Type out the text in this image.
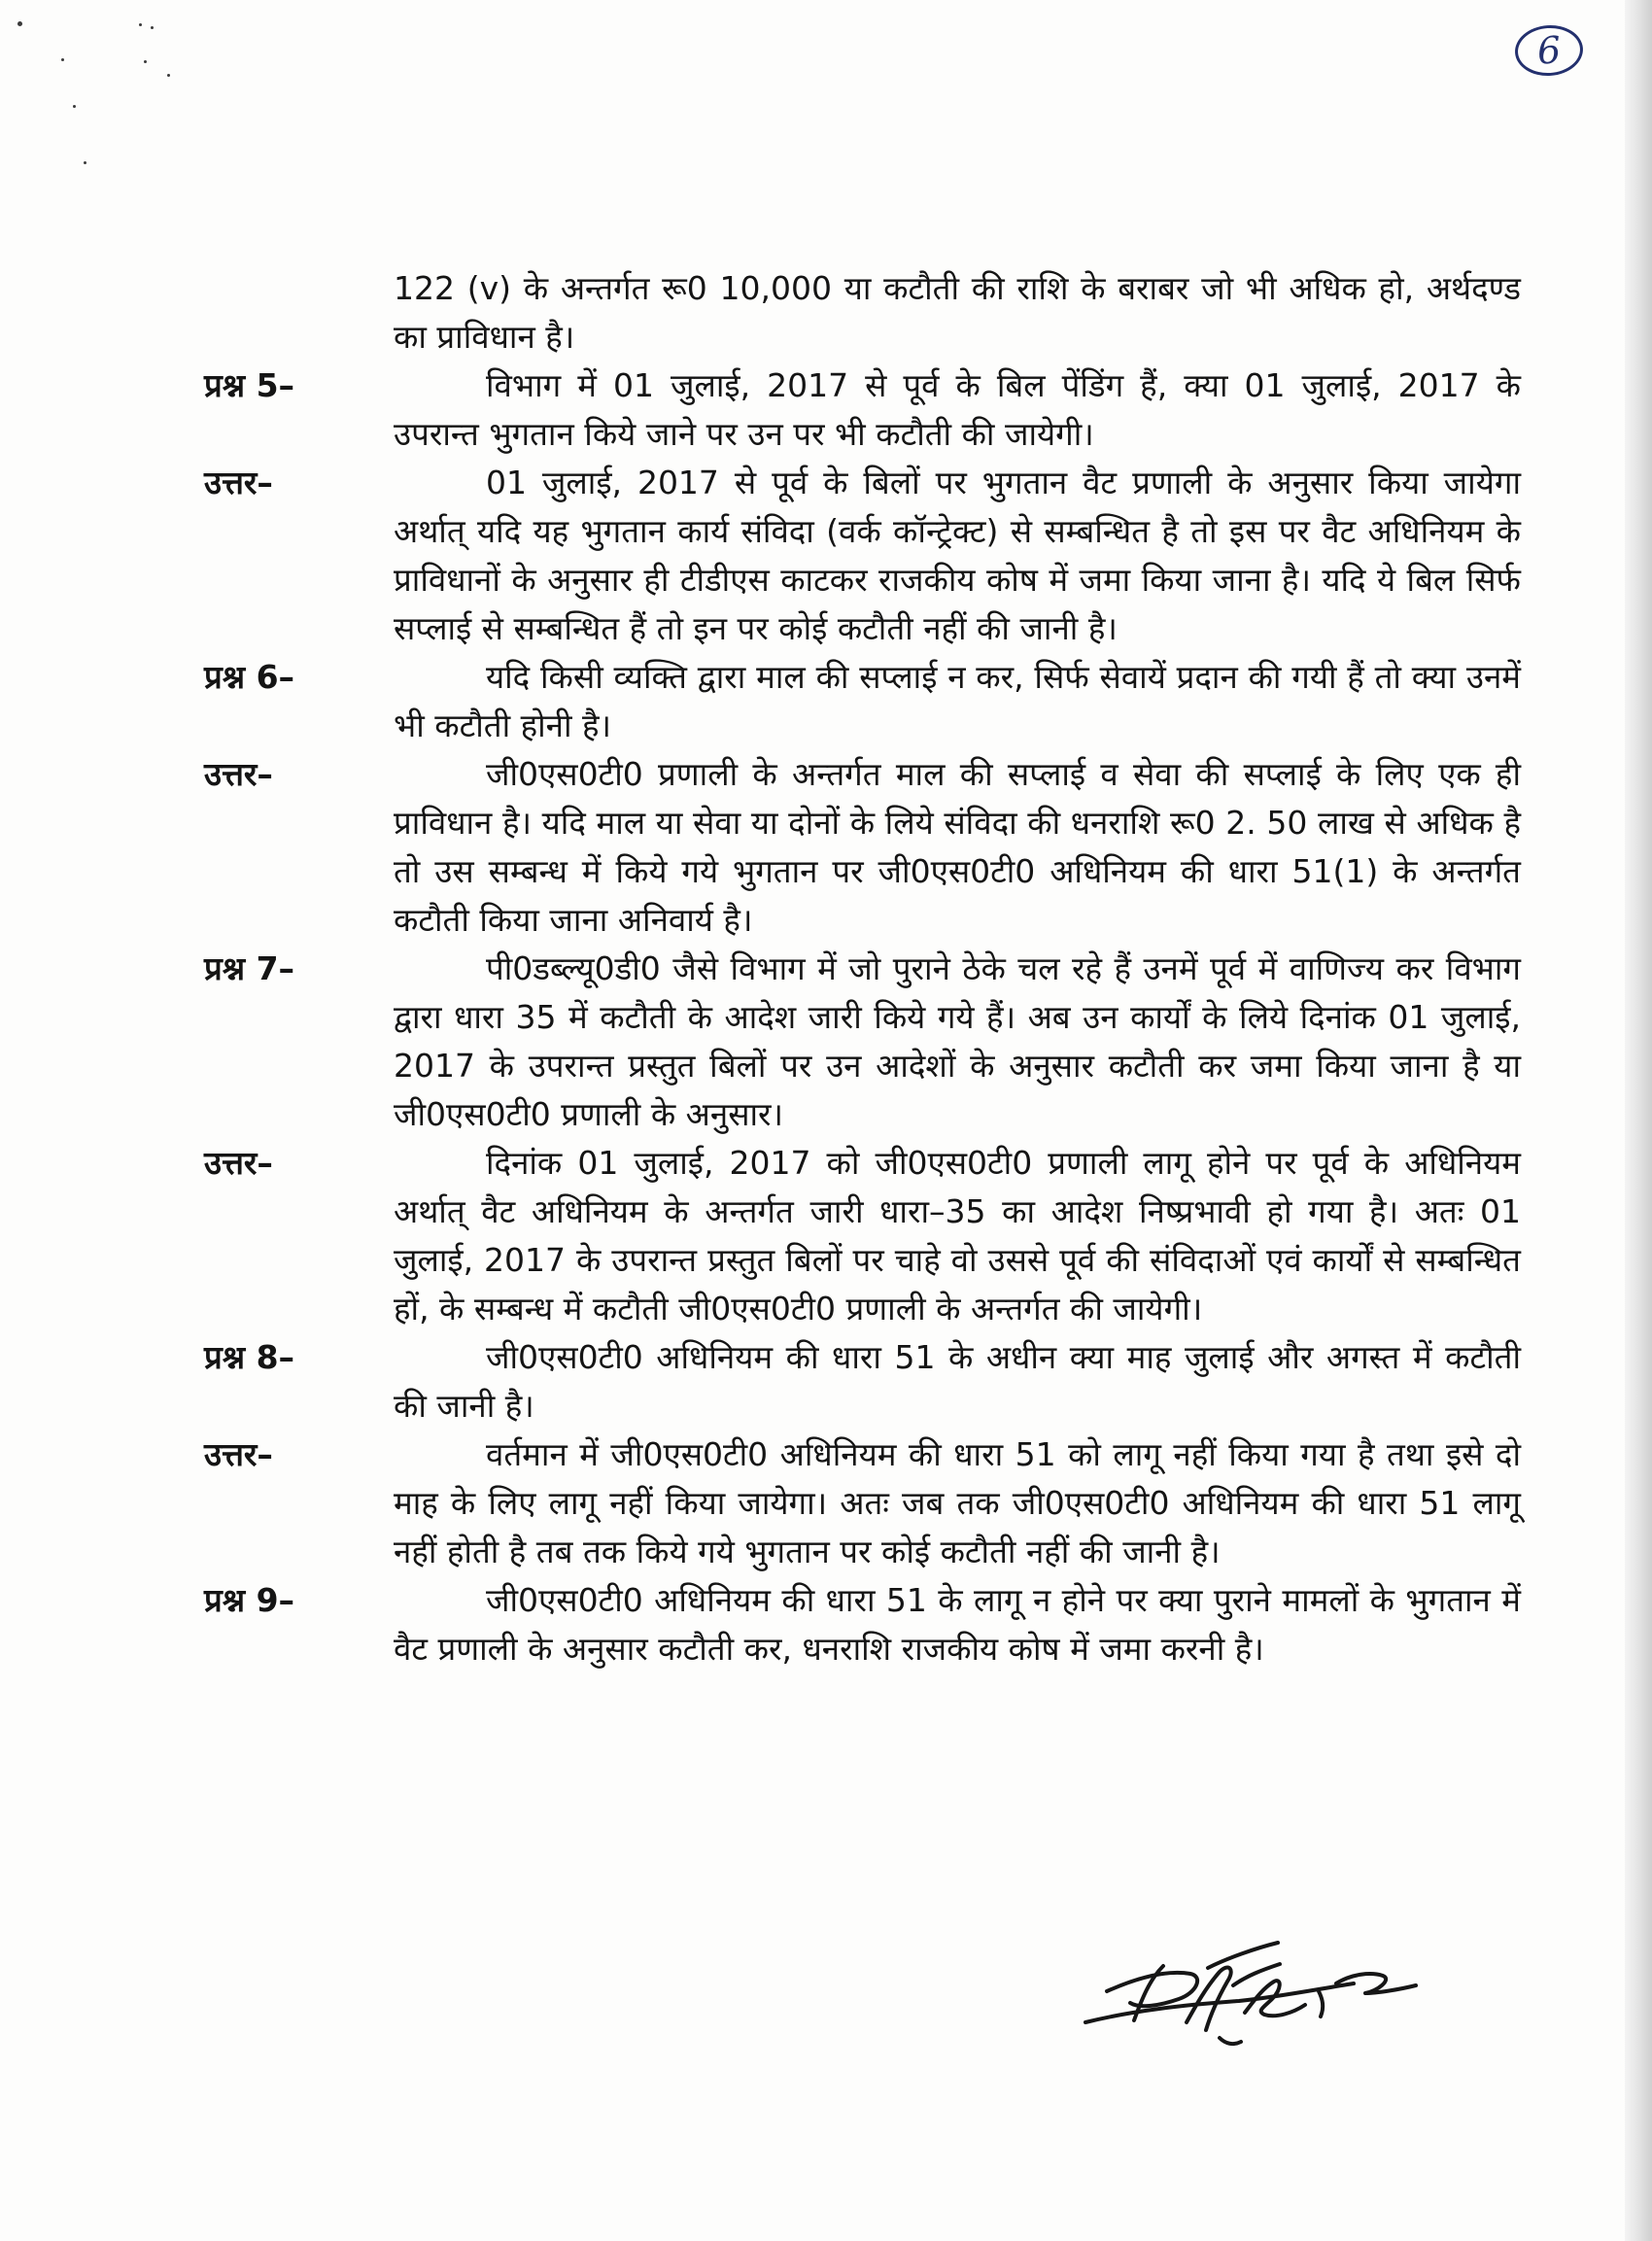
6
122 (v) के अन्तर्गत रू0 10,000 या कटौती की राशि के बराबर जो भी अधिक हो, अर्थदण्ड का प्राविधान है।
प्रश्न 5–	विभाग में 01 जुलाई, 2017 से पूर्व के बिल पेंडिंग हैं, क्या 01 जुलाई, 2017 के उपरान्त भुगतान किये जाने पर उन पर भी कटौती की जायेगी।
उत्तर–	01 जुलाई, 2017 से पूर्व के बिलों पर भुगतान वैट प्रणाली के अनुसार किया जायेगा अर्थात् यदि यह भुगतान कार्य संविदा (वर्क कॉन्ट्रेक्ट) से सम्बन्धित है तो इस पर वैट अधिनियम के प्राविधानों के अनुसार ही टीडीएस काटकर राजकीय कोष में जमा किया जाना है। यदि ये बिल सिर्फ सप्लाई से सम्बन्धित हैं तो इन पर कोई कटौती नहीं की जानी है।
प्रश्न 6–	यदि किसी व्यक्ति द्वारा माल की सप्लाई न कर, सिर्फ सेवायें प्रदान की गयी हैं तो क्या उनमें भी कटौती होनी है।
उत्तर–	जी0एस0टी0 प्रणाली के अन्तर्गत माल की सप्लाई व सेवा की सप्लाई के लिए एक ही प्राविधान है। यदि माल या सेवा या दोनों के लिये संविदा की धनराशि रू0 2. 50 लाख से अधिक है तो उस सम्बन्ध में किये गये भुगतान पर जी0एस0टी0 अधिनियम की धारा 51(1) के अन्तर्गत कटौती किया जाना अनिवार्य है।
प्रश्न 7–	पी0डब्ल्यू0डी0 जैसे विभाग में जो पुराने ठेके चल रहे हैं उनमें पूर्व में वाणिज्य कर विभाग द्वारा धारा 35 में कटौती के आदेश जारी किये गये हैं। अब उन कार्यों के लिये दिनांक 01 जुलाई, 2017 के उपरान्त प्रस्तुत बिलों पर उन आदेशों के अनुसार कटौती कर जमा किया जाना है या जी0एस0टी0 प्रणाली के अनुसार।
उत्तर–	दिनांक 01 जुलाई, 2017 को जी0एस0टी0 प्रणाली लागू होने पर पूर्व के अधिनियम अर्थात् वैट अधिनियम के अन्तर्गत जारी धारा–35 का आदेश निष्प्रभावी हो गया है। अतः 01 जुलाई, 2017 के उपरान्त प्रस्तुत बिलों पर चाहे वो उससे पूर्व की संविदाओं एवं कार्यों से सम्बन्धित हों, के सम्बन्ध में कटौती जी0एस0टी0 प्रणाली के अन्तर्गत की जायेगी।
प्रश्न 8–	जी0एस0टी0 अधिनियम की धारा 51 के अधीन क्या माह जुलाई और अगस्त में कटौती की जानी है।
उत्तर–	वर्तमान में जी0एस0टी0 अधिनियम की धारा 51 को लागू नहीं किया गया है तथा इसे दो माह के लिए लागू नहीं किया जायेगा। अतः जब तक जी0एस0टी0 अधिनियम की धारा 51 लागू नहीं होती है तब तक किये गये भुगतान पर कोई कटौती नहीं की जानी है।
प्रश्न 9–	जी0एस0टी0 अधिनियम की धारा 51 के लागू न होने पर क्या पुराने मामलों के भुगतान में वैट प्रणाली के अनुसार कटौती कर, धनराशि राजकीय कोष में जमा करनी है।
